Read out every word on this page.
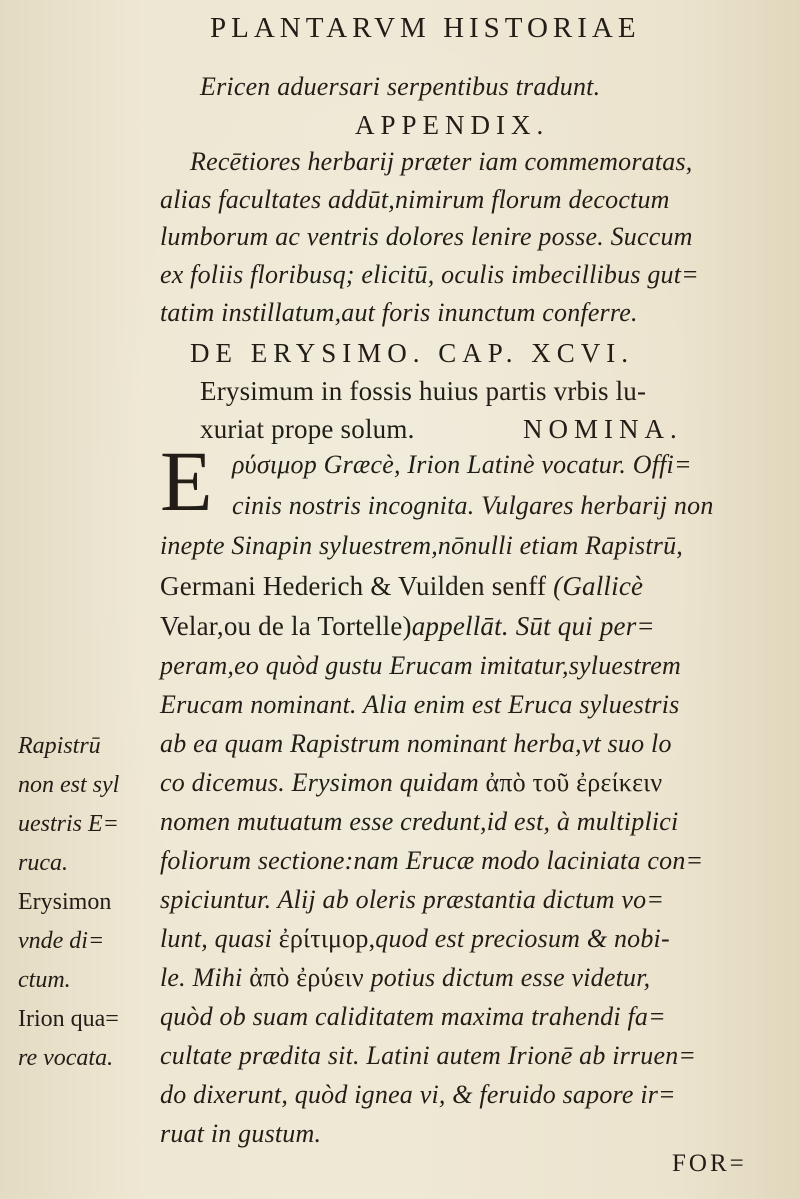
PLANTARVM HISTORIAE
Ericen aduersari serpentibus tradunt.
APPENDIX.
Recētiores herbarij prӕter iam commemoratas,
alias facultates addūt,nimirum florum decoctum
lumborum ac ventris dolores lenire posse. Succum
ex foliis floribusq; elicitū, oculis imbecillibus gut=
tatim instillatum,aut foris inunctum conferre.
DE ERYSIMO. CAP. XCVI.
Erysimum in fossis huius partis vrbis lu-
xuriat prope solum.	NOMINA.
E ρύσιμοp Grӕcè, Irion Latinè vocatur. Offi=
cinis nostris incognita. Vulgares herbarij non
inepte Sinapin syluestrem,nōnulli etiam Rapistrū,
Germani Hederich & Vuilden senff (Gallicè
Velar,ou de la Tortelle)appellāt. Sūt qui per=
peram,eo quòd gustu Erucam imitatur,syluestrem
Erucam nominant. Alia enim est Eruca syluestris
ab ea quam Rapistrum nominant herba,vt suo lo
co dicemus. Erysimon quidam ἀπὸ τοῦ ἐρείκειν
nomen mutuatum esse credunt,id est, à multiplici
foliorum sectione:nam Erucӕ modo laciniata con=
spiciuntur. Alij ab oleris prӕstantia dictum vo=
lunt, quasi ἐρίτιμοp,quod est preciosum & nobi-
le. Mihi ἀπὸ ἐρύειν potius dictum esse videtur,
quòd ob suam caliditatem maxima trahendi fa=
cultate prӕdita sit. Latini autem Irionē ab irruen=
do dixerunt, quòd ignea vi, & feruido sapore ir=
ruat in gustum.
Rapistrū
non est syl
uestris E=
ruca.
Erysimon
vnde di=
ctum.
Irion qua=
re vocata.
FOR=
